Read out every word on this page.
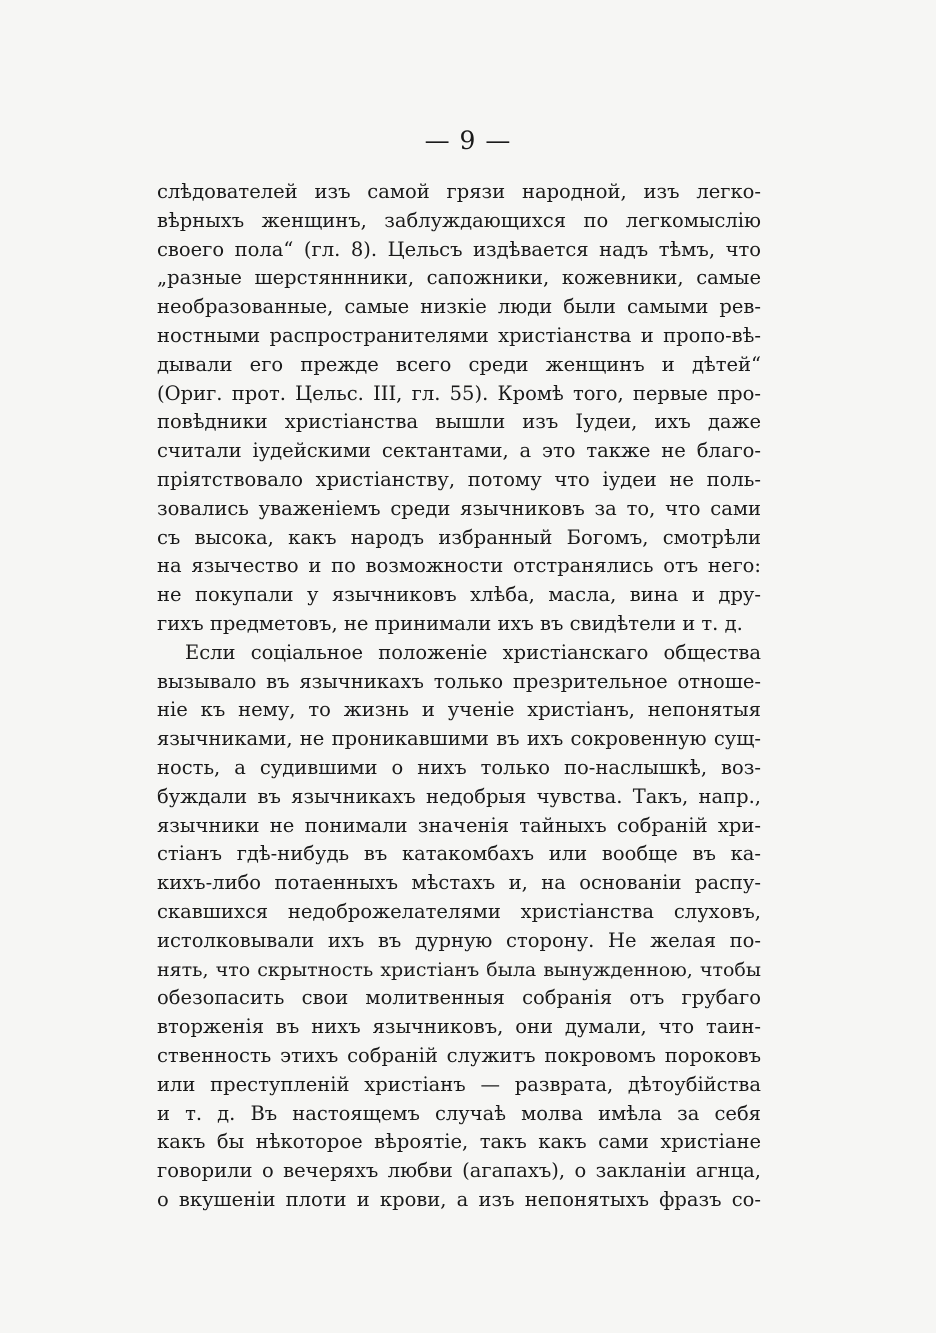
— 9 —
слѣдователей изъ самой грязи народной, изъ легко-
вѣрныхъ женщинъ, заблуждающихся по легкомыслію
своего пола“ (гл. 8). Цельсъ издѣвается надъ тѣмъ, что
„разные шерстяннники, сапожники, кожевники, самые
необразованные, самые низкіе люди были самыми рев-
ностными распространителями христіанства и пропо-вѣ-
дывали его прежде всего среди женщинъ и дѣтей“
(Ориг. прот. Цельс. III, гл. 55). Кромѣ того, первые про-
повѣдники христіанства вышли изъ Іудеи, ихъ даже
считали іудейскими сектантами, а это также не благо-
пріятствовало христіанству, потому что іудеи не поль-
зовались уваженіемъ среди язычниковъ за то, что сами
съ высока, какъ народъ избранный Богомъ, смотрѣли
на язычество и по возможности отстранялись отъ него:
не покупали у язычниковъ хлѣба, масла, вина и дру-
гихъ предметовъ, не принимали ихъ въ свидѣтели и т. д.
Если соціальное положеніе христіанскаго общества
вызывало въ язычникахъ только презрительное отноше-
ніе къ нему, то жизнь и ученіе христіанъ, непонятыя
язычниками, не проникавшими въ ихъ сокровенную сущ-
ность, а судившими о нихъ только по-наслышкѣ, воз-
буждали въ язычникахъ недобрыя чувства. Такъ, напр.,
язычники не понимали значенія тайныхъ собраній хри-
стіанъ гдѣ-нибудь въ катакомбахъ или вообще въ ка-
кихъ-либо потаенныхъ мѣстахъ и, на основаніи распу-
скавшихся недоброжелателями христіанства слуховъ,
истолковывали ихъ въ дурную сторону. Не желая по-
нять, что скрытность христіанъ была вынужденною, чтобы
обезопасить свои молитвенныя собранія отъ грубаго
вторженія въ нихъ язычниковъ, они думали, что таин-
ственность этихъ собраній служитъ покровомъ пороковъ
или преступленій христіанъ — разврата, дѣтоубійства
и т. д. Въ настоящемъ случаѣ молва имѣла за себя
какъ бы нѣкоторое вѣроятіе, такъ какъ сами христіане
говорили о вечеряхъ любви (агапахъ), о закланіи агнца,
о вкушеніи плоти и крови, а изъ непонятыхъ фразъ со-
